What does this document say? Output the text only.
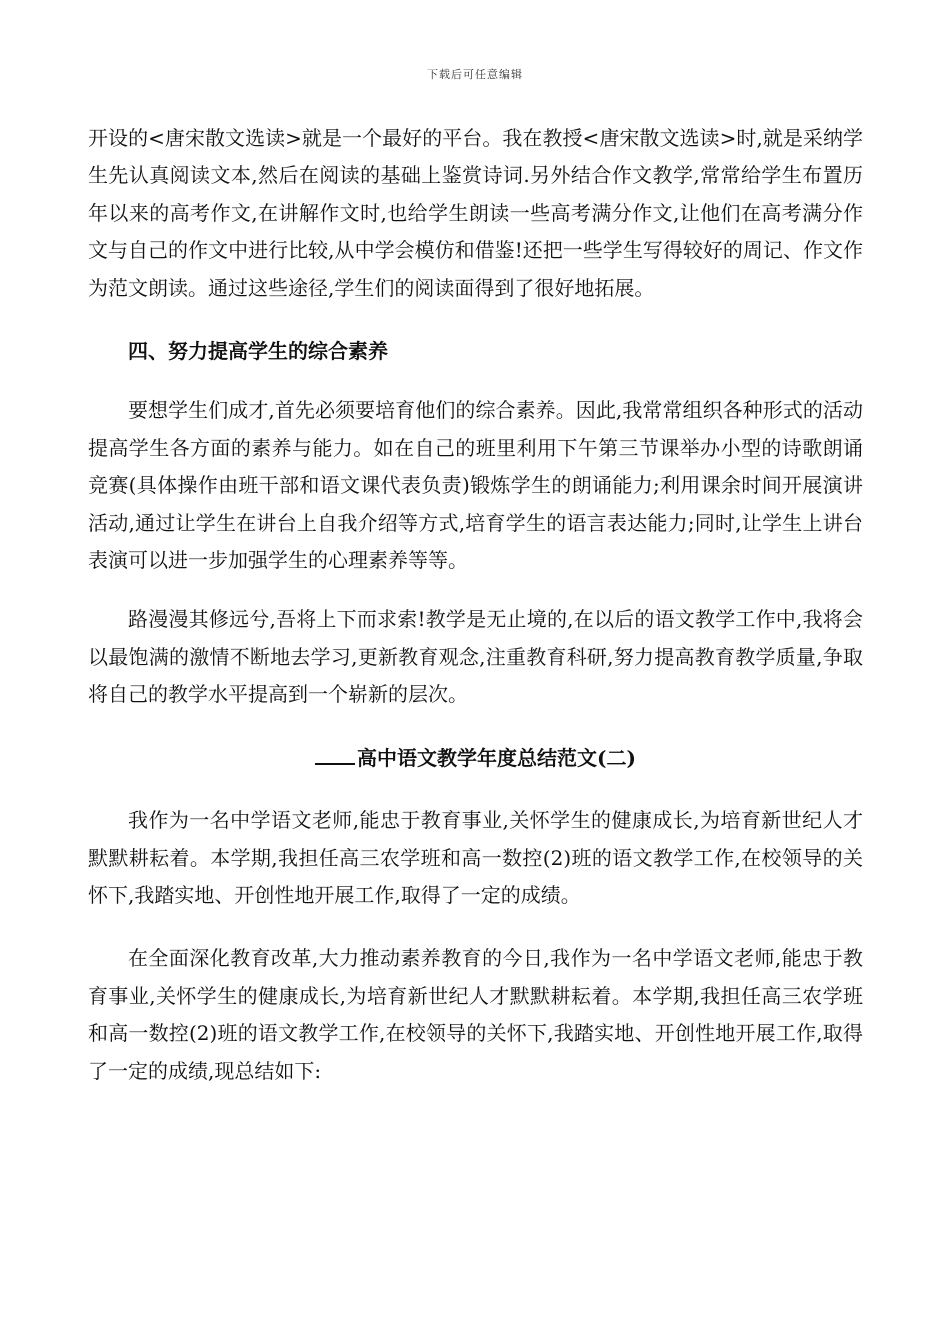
下载后可任意编辑

开设的<唐宋散文选读>就是一个最好的平台。我在教授<唐宋散文选读>时,就是采纳学生先认真阅读文本,然后在阅读的基础上鉴赏诗词.另外结合作文教学,常常给学生布置历年以来的高考作文,在讲解作文时,也给学生朗读一些高考满分作文,让他们在高考满分作文与自己的作文中进行比较,从中学会模仿和借鉴!还把一些学生写得较好的周记、作文作为范文朗读。通过这些途径,学生们的阅读面得到了很好地拓展。

四、努力提高学生的综合素养

要想学生们成才,首先必须要培育他们的综合素养。因此,我常常组织各种形式的活动提高学生各方面的素养与能力。如在自己的班里利用下午第三节课举办小型的诗歌朗诵竞赛(具体操作由班干部和语文课代表负责)锻炼学生的朗诵能力;利用课余时间开展演讲活动,通过让学生在讲台上自我介绍等方式,培育学生的语言表达能力;同时,让学生上讲台表演可以进一步加强学生的心理素养等等。

路漫漫其修远兮,吾将上下而求索!教学是无止境的,在以后的语文教学工作中,我将会以最饱满的激情不断地去学习,更新教育观念,注重教育科研,努力提高教育教学质量,争取将自己的教学水平提高到一个崭新的层次。

高中语文教学年度总结范文(二)

我作为一名中学语文老师,能忠于教育事业,关怀学生的健康成长,为培育新世纪人才默默耕耘着。本学期,我担任高三农学班和高一数控(2)班的语文教学工作,在校领导的关怀下,我踏实地、开创性地开展工作,取得了一定的成绩。

在全面深化教育改革,大力推动素养教育的今日,我作为一名中学语文老师,能忠于教育事业,关怀学生的健康成长,为培育新世纪人才默默耕耘着。本学期,我担任高三农学班和高一数控(2)班的语文教学工作,在校领导的关怀下,我踏实地、开创性地开展工作,取得了一定的成绩,现总结如下:
